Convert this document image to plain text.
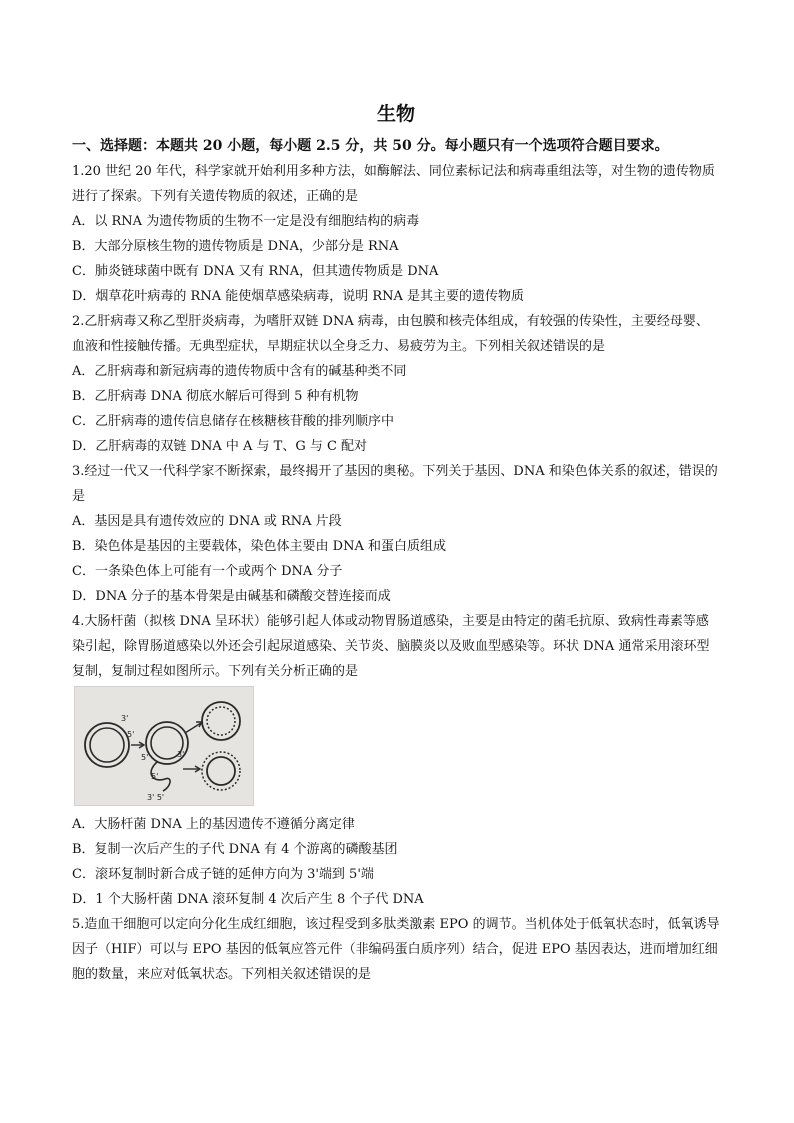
生物
一、选择题：本题共 20 小题，每小题 2.5 分，共 50 分。每小题只有一个选项符合题目要求。
1.20 世纪 20 年代，科学家就开始利用多种方法，如酶解法、同位素标记法和病毒重组法等，对生物的遗传物质进行了探索。下列有关遗传物质的叙述，正确的是
A．以 RNA 为遗传物质的生物不一定是没有细胞结构的病毒
B．大部分原核生物的遗传物质是 DNA，少部分是 RNA
C．肺炎链球菌中既有 DNA 又有 RNA，但其遗传物质是 DNA
D．烟草花叶病毒的 RNA 能使烟草感染病毒，说明 RNA 是其主要的遗传物质
2.乙肝病毒又称乙型肝炎病毒，为嗜肝双链 DNA 病毒，由包膜和核壳体组成，有较强的传染性，主要经母婴、血液和性接触传播。无典型症状，早期症状以全身乏力、易疲劳为主。下列相关叙述错误的是
A．乙肝病毒和新冠病毒的遗传物质中含有的碱基种类不同
B．乙肝病毒 DNA 彻底水解后可得到 5 种有机物
C．乙肝病毒的遗传信息储存在核糖核苷酸的排列顺序中
D．乙肝病毒的双链 DNA 中 A 与 T、G 与 C 配对
3.经过一代又一代科学家不断探索，最终揭开了基因的奥秘。下列关于基因、DNA 和染色体关系的叙述，错误的是
A．基因是具有遗传效应的 DNA 或 RNA 片段
B．染色体是基因的主要载体，染色体主要由 DNA 和蛋白质组成
C．一条染色体上可能有一个或两个 DNA 分子
D．DNA 分子的基本骨架是由碱基和磷酸交替连接而成
4.大肠杆菌（拟核 DNA 呈环状）能够引起人体或动物胃肠道感染，主要是由特定的菌毛抗原、致病性毒素等感染引起，除胃肠道感染以外还会引起尿道感染、关节炎、脑膜炎以及败血型感染等。环状 DNA 通常采用滚环型复制，复制过程如图所示。下列有关分析正确的是
3'
5'
5'	3'
5'
3' 5'
A．大肠杆菌 DNA 上的基因遗传不遵循分离定律
B．复制一次后产生的子代 DNA 有 4 个游离的磷酸基团
C．滚环复制时新合成子链的延伸方向为 3'端到 5'端
D．1 个大肠杆菌 DNA 滚环复制 4 次后产生 8 个子代 DNA
5.造血干细胞可以定向分化生成红细胞，该过程受到多肽类激素 EPO 的调节。当机体处于低氧状态时，低氧诱导因子（HIF）可以与 EPO 基因的低氧应答元件（非编码蛋白质序列）结合，促进 EPO 基因表达，进而增加红细胞的数量，来应对低氧状态。下列相关叙述错误的是
